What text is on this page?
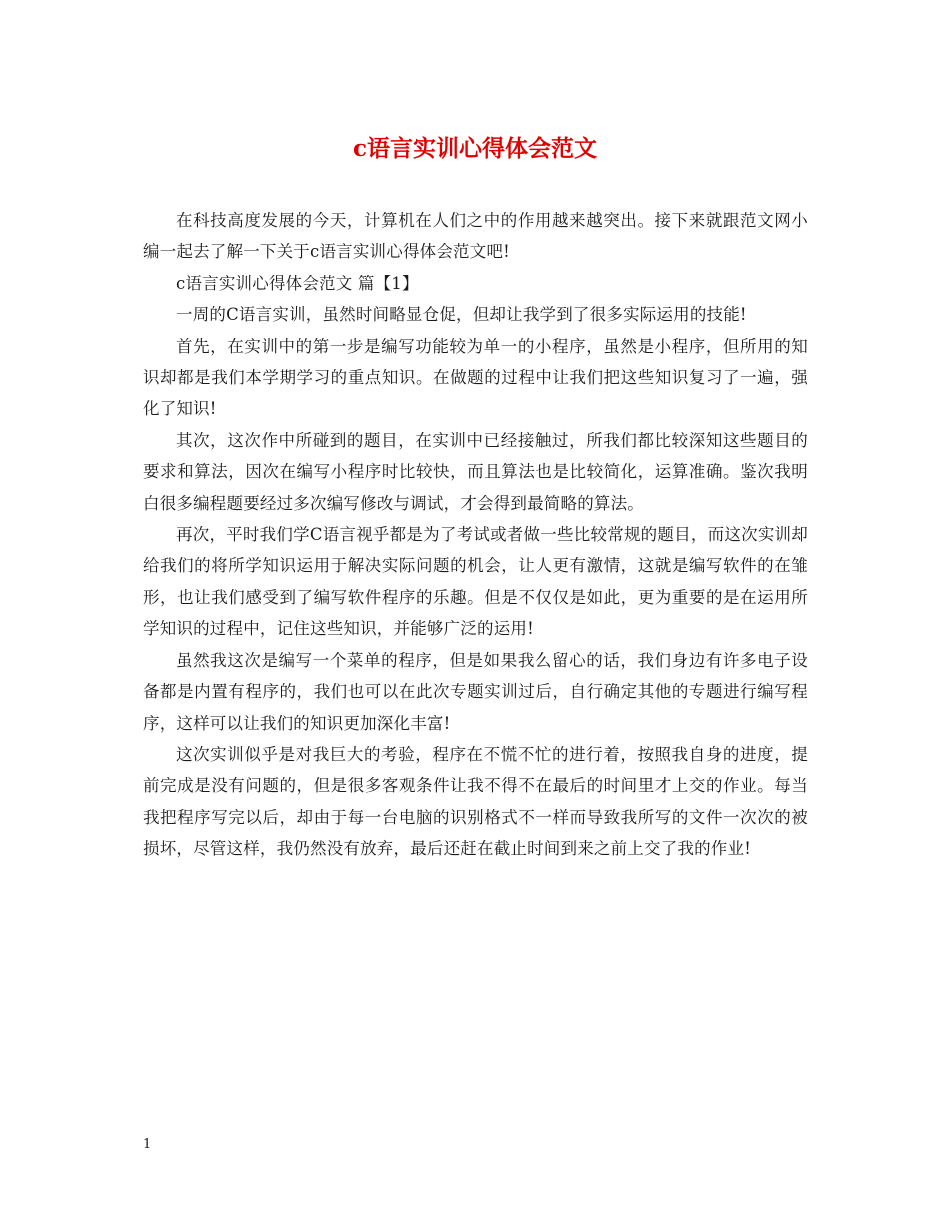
c语言实训心得体会范文

在科技高度发展的今天，计算机在人们之中的作用越来越突出。接下来就跟范文网小编一起去了解一下关于c语言实训心得体会范文吧!

c语言实训心得体会范文 篇【1】

一周的C语言实训，虽然时间略显仓促，但却让我学到了很多实际运用的技能!

首先，在实训中的第一步是编写功能较为单一的小程序，虽然是小程序，但所用的知识却都是我们本学期学习的重点知识。在做题的过程中让我们把这些知识复习了一遍，强化了知识!

其次，这次作中所碰到的题目，在实训中已经接触过，所我们都比较深知这些题目的要求和算法，因次在编写小程序时比较快，而且算法也是比较简化，运算准确。鉴次我明白很多编程题要经过多次编写修改与调试，才会得到最简略的算法。

再次，平时我们学C语言视乎都是为了考试或者做一些比较常规的题目，而这次实训却给我们的将所学知识运用于解决实际问题的机会，让人更有激情，这就是编写软件的在雏形，也让我们感受到了编写软件程序的乐趣。但是不仅仅是如此，更为重要的是在运用所学知识的过程中，记住这些知识，并能够广泛的运用!

虽然我这次是编写一个菜单的程序，但是如果我么留心的话，我们身边有许多电子设备都是内置有程序的，我们也可以在此次专题实训过后，自行确定其他的专题进行编写程序，这样可以让我们的知识更加深化丰富!

这次实训似乎是对我巨大的考验，程序在不慌不忙的进行着，按照我自身的进度，提前完成是没有问题的，但是很多客观条件让我不得不在最后的时间里才上交的作业。每当我把程序写完以后，却由于每一台电脑的识别格式不一样而导致我所写的文件一次次的被损坏，尽管这样，我仍然没有放弃，最后还赶在截止时间到来之前上交了我的作业!

1
